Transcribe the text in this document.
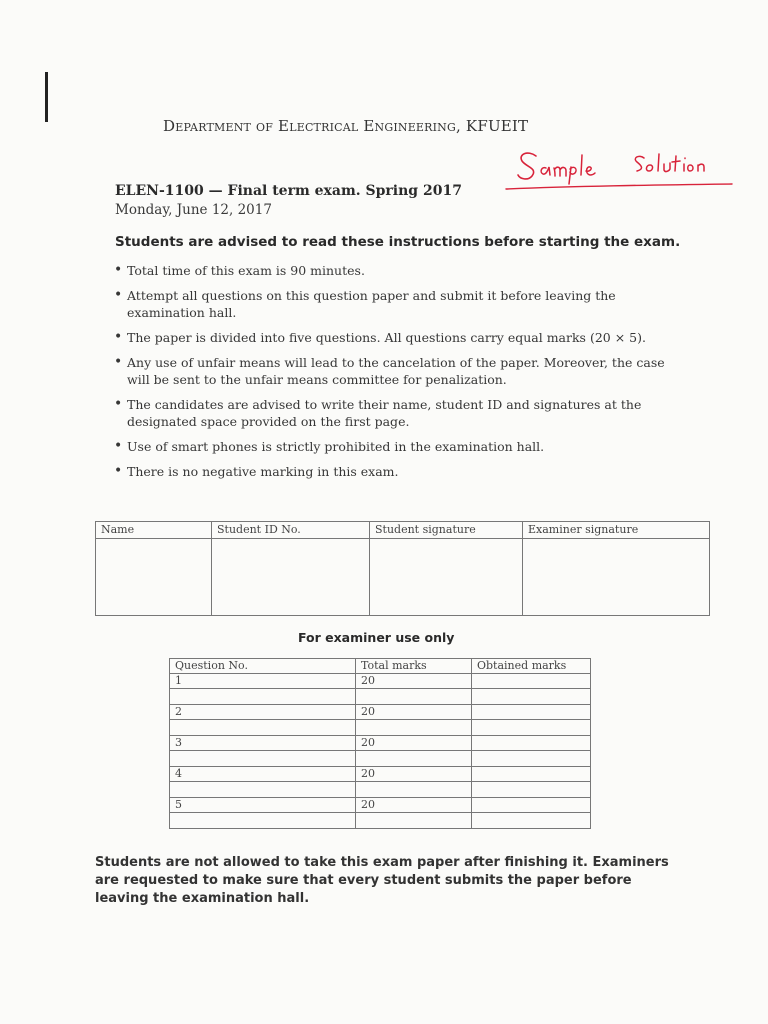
Department of Electrical Engineering, KFUEIT
ELEN-1100 — Final term exam. Spring 2017
Monday, June 12, 2017
Students are advised to read these instructions before starting the exam.
• Total time of this exam is 90 minutes.
• Attempt all questions on this question paper and submit it before leaving the examination hall.
• The paper is divided into five questions. All questions carry equal marks (20 × 5).
• Any use of unfair means will lead to the cancelation of the paper. Moreover, the case will be sent to the unfair means committee for penalization.
• The candidates are advised to write their name, student ID and signatures at the designated space provided on the first page.
• Use of smart phones is strictly prohibited in the examination hall.
• There is no negative marking in this exam.
Name	Student ID No.	Student signature	Examiner signature

For examiner use only
Question No.	Total marks	Obtained marks
1	20	

2	20	

3	20	

4	20	

5	20	

Students are not allowed to take this exam paper after finishing it. Examiners are requested to make sure that every student submits the paper before leaving the examination hall.
